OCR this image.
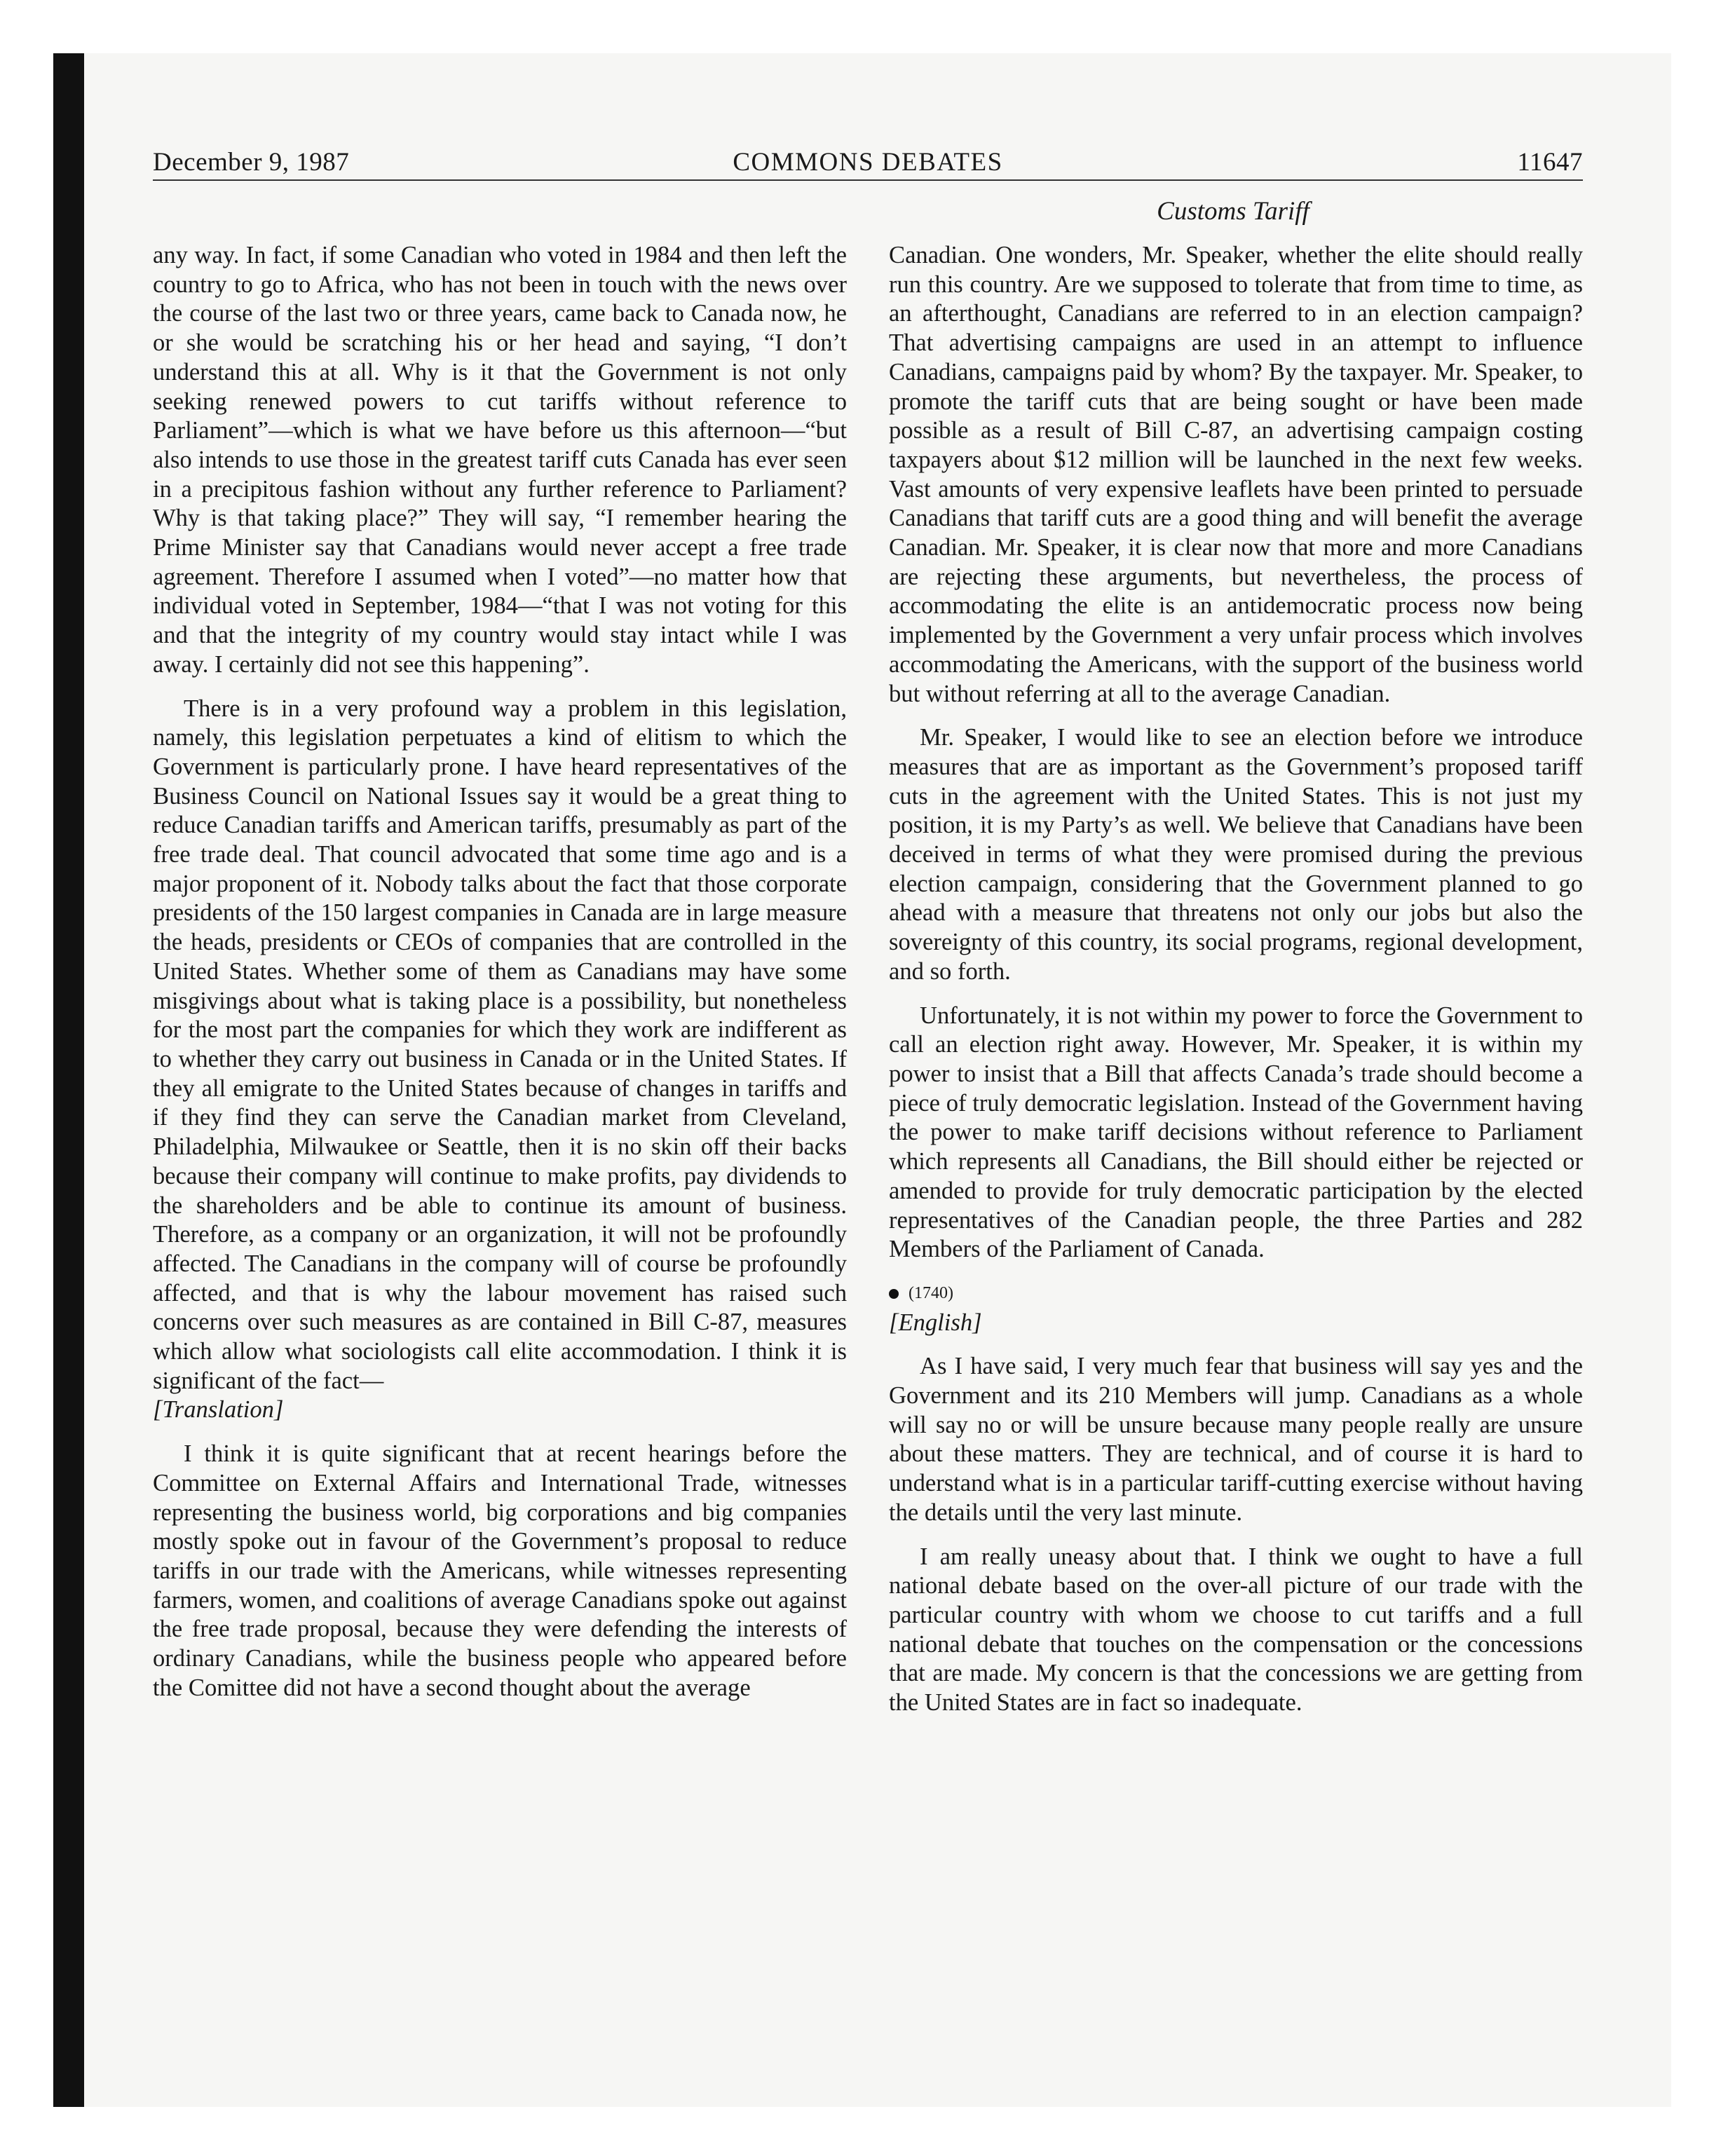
COMMONS DEBATES
December 9, 1987	11647
Customs Tariff

any way. In fact, if some Canadian who voted in 1984 and then left the country to go to Africa, who has not been in touch with the news over the course of the last two or three years, came back to Canada now, he or she would be scratching his or her head and saying, “I don’t understand this at all. Why is it that the Government is not only seeking renewed powers to cut tariffs without reference to Parliament”—which is what we have before us this afternoon—“but also intends to use those in the greatest tariff cuts Canada has ever seen in a precipitous fashion without any further reference to Parliament? Why is that taking place?” They will say, “I remember hearing the Prime Minister say that Canadians would never accept a free trade agreement. Therefore I assumed when I voted”—no matter how that individual voted in September, 1984—“that I was not voting for this and that the integrity of my country would stay intact while I was away. I certainly did not see this happening”.

There is in a very profound way a problem in this legislation, namely, this legislation perpetuates a kind of elitism to which the Government is particularly prone. I have heard representatives of the Business Council on National Issues say it would be a great thing to reduce Canadian tariffs and American tariffs, presumably as part of the free trade deal. That council advocated that some time ago and is a major proponent of it. Nobody talks about the fact that those corporate presidents of the 150 largest companies in Canada are in large measure the heads, presidents or CEOs of companies that are controlled in the United States. Whether some of them as Canadians may have some misgivings about what is taking place is a possibility, but nonetheless for the most part the companies for which they work are indifferent as to whether they carry out business in Canada or in the United States. If they all emigrate to the United States because of changes in tariffs and if they find they can serve the Canadian market from Cleveland, Philadelphia, Milwaukee or Seattle, then it is no skin off their backs because their company will continue to make profits, pay dividends to the shareholders and be able to continue its amount of business. Therefore, as a company or an organization, it will not be profoundly affected. The Canadians in the company will of course be profoundly affected, and that is why the labour movement has raised such concerns over such measures as are contained in Bill C-87, measures which allow what sociologists call elite accommodation. I think it is significant of the fact—

[Translation]

I think it is quite significant that at recent hearings before the Committee on External Affairs and International Trade, witnesses representing the business world, big corporations and big companies mostly spoke out in favour of the Government’s proposal to reduce tariffs in our trade with the Americans, while witnesses representing farmers, women, and coalitions of average Canadians spoke out against the free trade proposal, because they were defending the interests of ordinary Canadians, while the business people who appeared before the Comittee did not have a second thought about the average

Canadian. One wonders, Mr. Speaker, whether the elite should really run this country. Are we supposed to tolerate that from time to time, as an afterthought, Canadians are referred to in an election campaign? That advertising campaigns are used in an attempt to influence Canadians, campaigns paid by whom? By the taxpayer. Mr. Speaker, to promote the tariff cuts that are being sought or have been made possible as a result of Bill C-87, an advertising campaign costing taxpayers about $12 million will be launched in the next few weeks. Vast amounts of very expensive leaflets have been printed to persuade Canadians that tariff cuts are a good thing and will benefit the average Canadian. Mr. Speaker, it is clear now that more and more Canadians are rejecting these arguments, but nevertheless, the process of accommodating the elite is an antidemocratic process now being implemented by the Government a very unfair process which involves accommodating the Americans, with the support of the business world but without referring at all to the average Canadian.

Mr. Speaker, I would like to see an election before we introduce measures that are as important as the Government’s proposed tariff cuts in the agreement with the United States. This is not just my position, it is my Party’s as well. We believe that Canadians have been deceived in terms of what they were promised during the previous election campaign, considering that the Government planned to go ahead with a measure that threatens not only our jobs but also the sovereignty of this country, its social programs, regional development, and so forth.

Unfortunately, it is not within my power to force the Government to call an election right away. However, Mr. Speaker, it is within my power to insist that a Bill that affects Canada’s trade should become a piece of truly democratic legislation. Instead of the Government having the power to make tariff decisions without reference to Parliament which represents all Canadians, the Bill should either be rejected or amended to provide for truly democratic participation by the elected representatives of the Canadian people, the three Parties and 282 Members of the Parliament of Canada.

(1740)

[English]

As I have said, I very much fear that business will say yes and the Government and its 210 Members will jump. Canadians as a whole will say no or will be unsure because many people really are unsure about these matters. They are technical, and of course it is hard to understand what is in a particular tariff-cutting exercise without having the details until the very last minute.

I am really uneasy about that. I think we ought to have a full national debate based on the over-all picture of our trade with the particular country with whom we choose to cut tariffs and a full national debate that touches on the compensation or the concessions that are made. My concern is that the concessions we are getting from the United States are in fact so inadequate.
